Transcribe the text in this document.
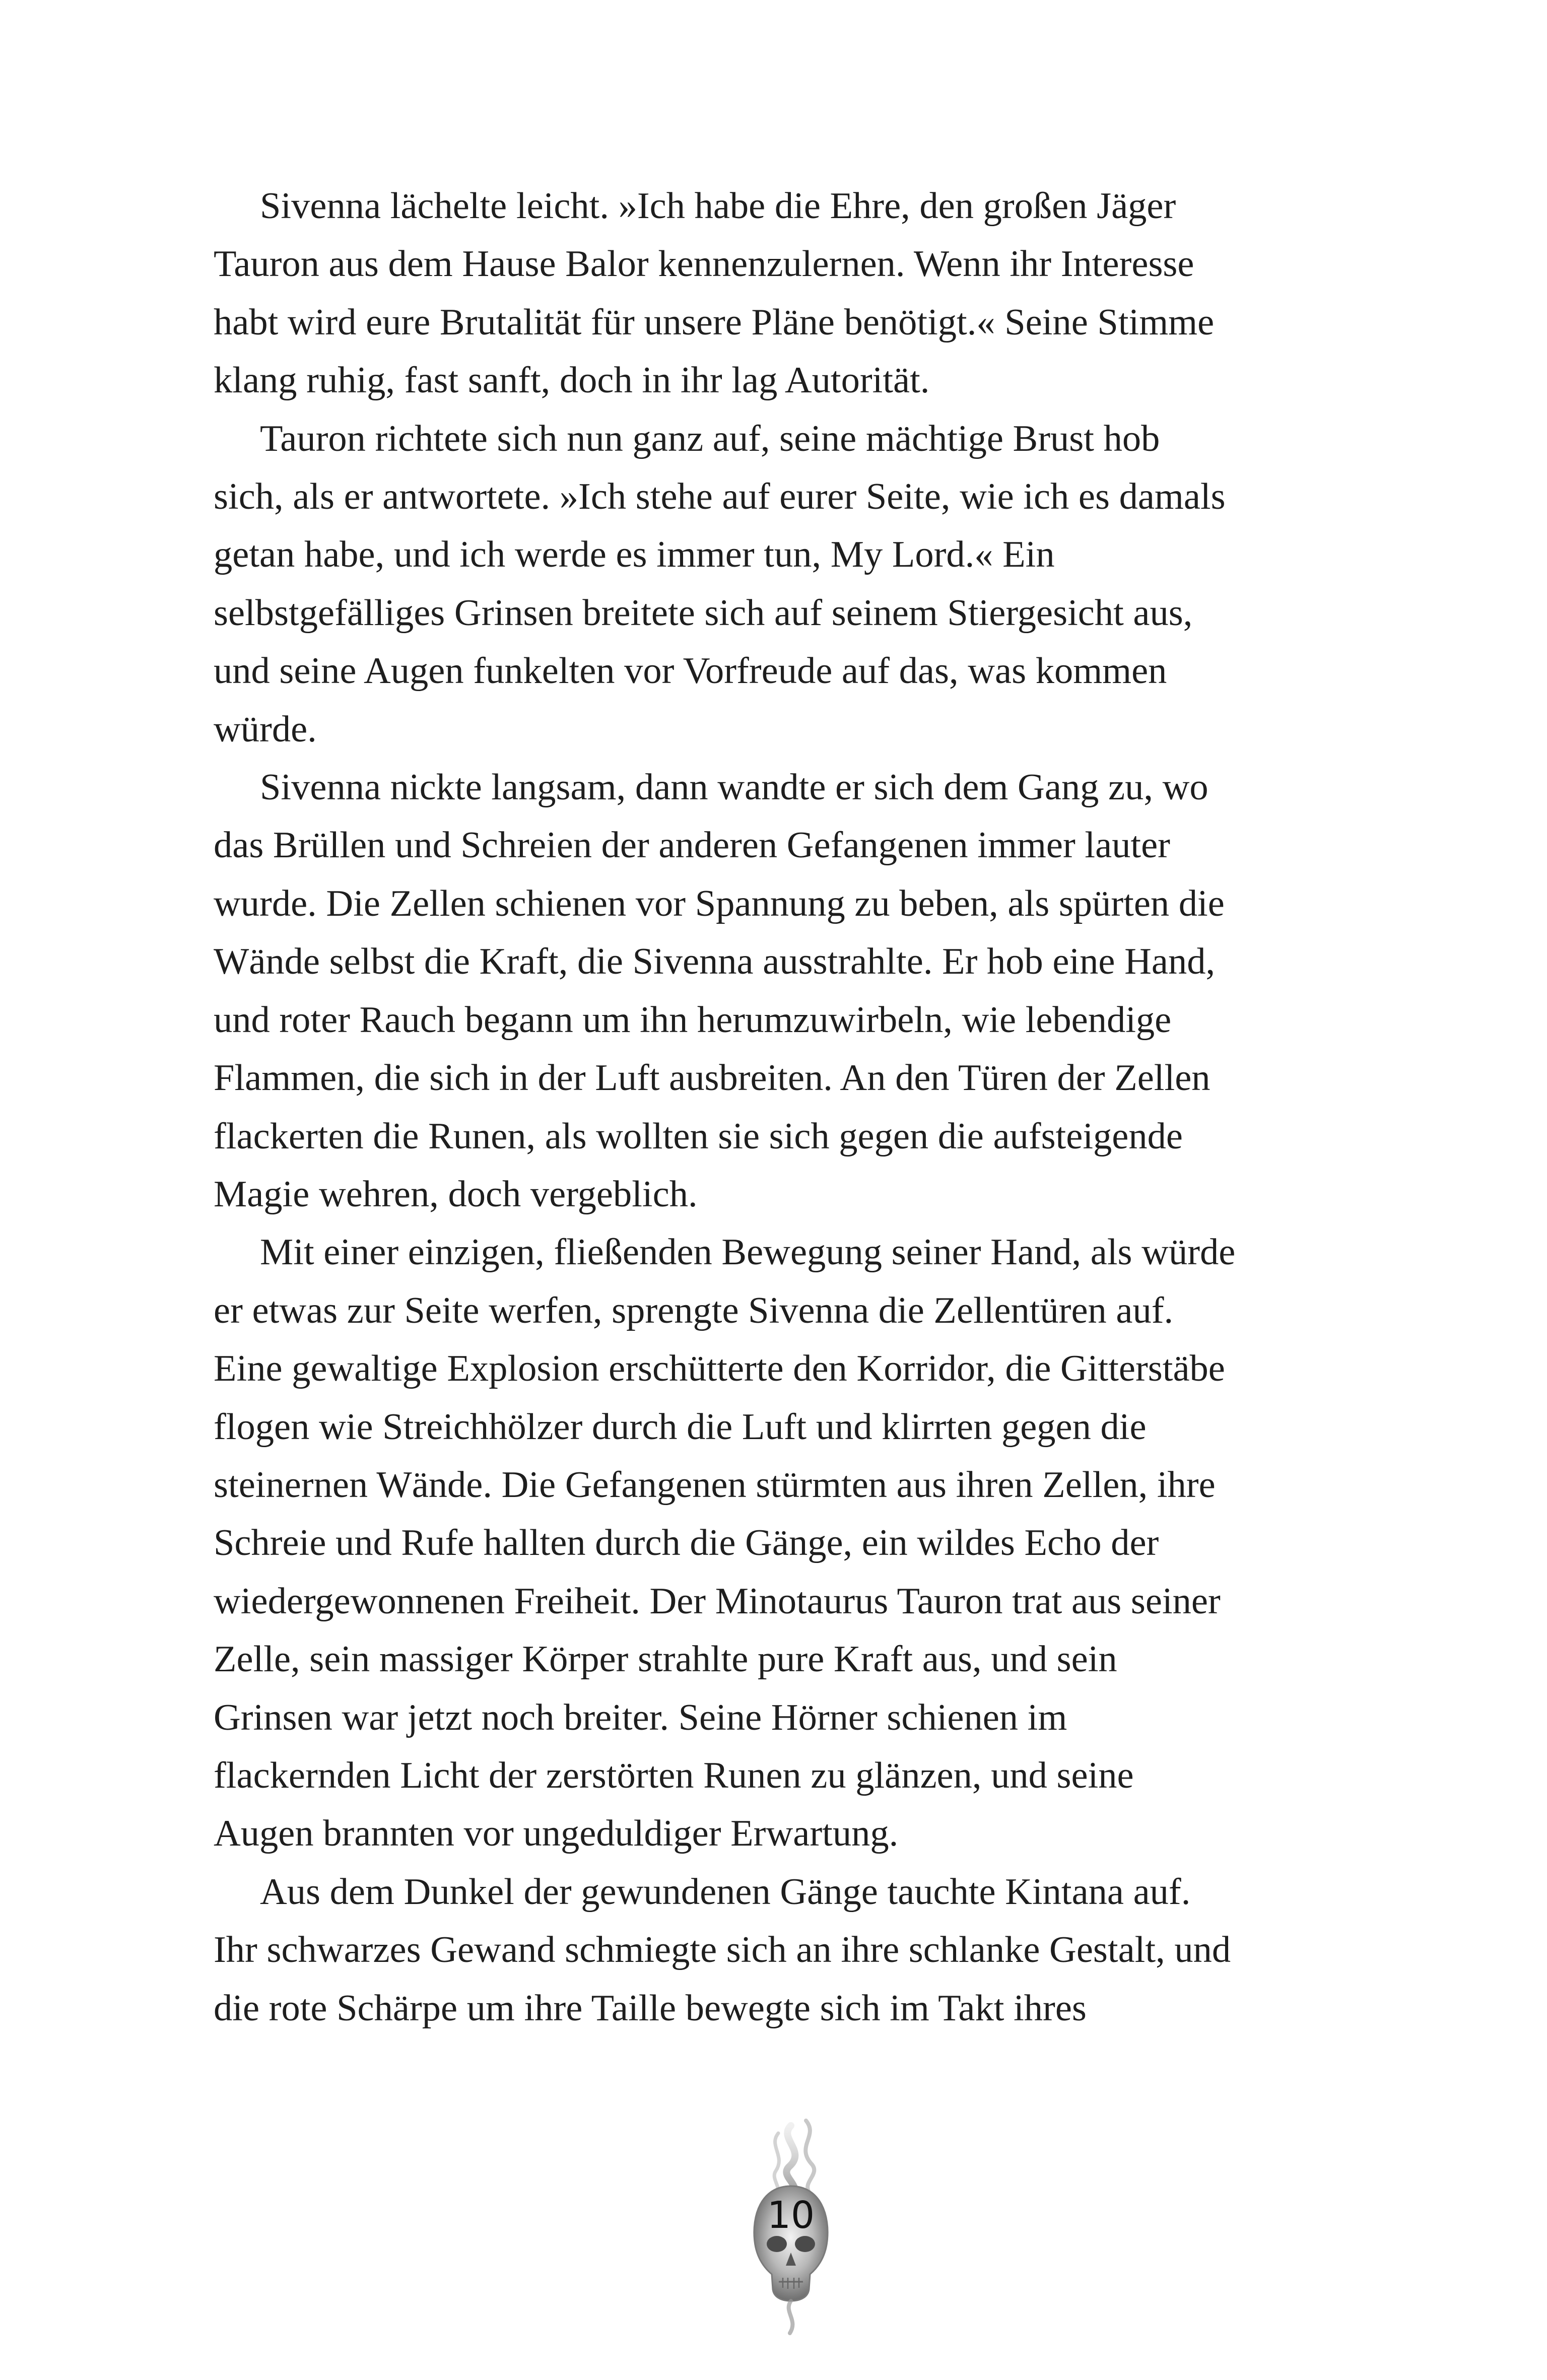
Sivenna lächelte leicht. »Ich habe die Ehre, den großen Jäger
Tauron aus dem Hause Balor kennenzulernen. Wenn ihr Interesse
habt wird eure Brutalität für unsere Pläne benötigt.« Seine Stimme
klang ruhig, fast sanft, doch in ihr lag Autorität.
Tauron richtete sich nun ganz auf, seine mächtige Brust hob
sich, als er antwortete. »Ich stehe auf eurer Seite, wie ich es damals
getan habe, und ich werde es immer tun, My Lord.« Ein
selbstgefälliges Grinsen breitete sich auf seinem Stiergesicht aus,
und seine Augen funkelten vor Vorfreude auf das, was kommen
würde.
Sivenna nickte langsam, dann wandte er sich dem Gang zu, wo
das Brüllen und Schreien der anderen Gefangenen immer lauter
wurde. Die Zellen schienen vor Spannung zu beben, als spürten die
Wände selbst die Kraft, die Sivenna ausstrahlte. Er hob eine Hand,
und roter Rauch begann um ihn herumzuwirbeln, wie lebendige
Flammen, die sich in der Luft ausbreiten. An den Türen der Zellen
flackerten die Runen, als wollten sie sich gegen die aufsteigende
Magie wehren, doch vergeblich.
Mit einer einzigen, fließenden Bewegung seiner Hand, als würde
er etwas zur Seite werfen, sprengte Sivenna die Zellentüren auf.
Eine gewaltige Explosion erschütterte den Korridor, die Gitterstäbe
flogen wie Streichhölzer durch die Luft und klirrten gegen die
steinernen Wände. Die Gefangenen stürmten aus ihren Zellen, ihre
Schreie und Rufe hallten durch die Gänge, ein wildes Echo der
wiedergewonnenen Freiheit. Der Minotaurus Tauron trat aus seiner
Zelle, sein massiger Körper strahlte pure Kraft aus, und sein
Grinsen war jetzt noch breiter. Seine Hörner schienen im
flackernden Licht der zerstörten Runen zu glänzen, und seine
Augen brannten vor ungeduldiger Erwartung.
Aus dem Dunkel der gewundenen Gänge tauchte Kintana auf.
Ihr schwarzes Gewand schmiegte sich an ihre schlanke Gestalt, und
die rote Schärpe um ihre Taille bewegte sich im Takt ihres
10
